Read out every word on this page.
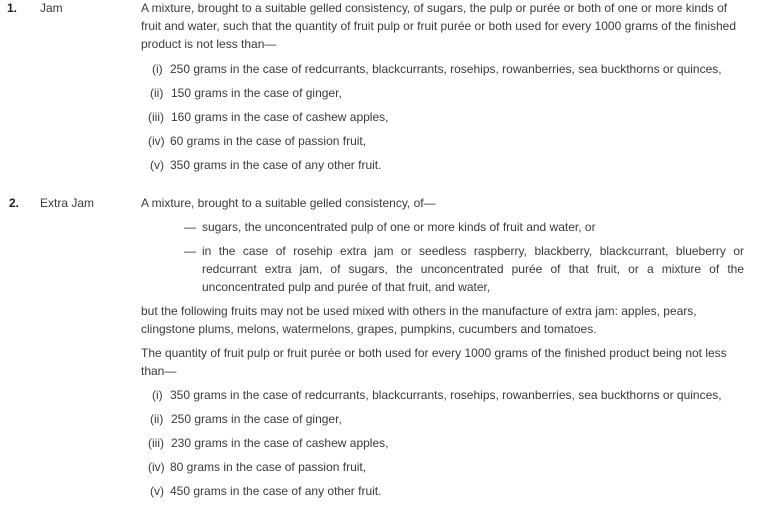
1. Jam	A mixture, brought to a suitable gelled consistency, of sugars, the pulp or purée or both of one or more kinds of
fruit and water, such that the quantity of fruit pulp or fruit purée or both used for every 1000 grams of the finished
product is not less than—
(i) 250 grams in the case of redcurrants, blackcurrants, rosehips, rowanberries, sea buckthorns or quinces,
(ii) 150 grams in the case of ginger,
(iii) 160 grams in the case of cashew apples,
(iv) 60 grams in the case of passion fruit,
(v) 350 grams in the case of any other fruit.
2. Extra Jam	A mixture, brought to a suitable gelled consistency, of—
— sugars, the unconcentrated pulp of one or more kinds of fruit and water, or
— in the case of rosehip extra jam or seedless raspberry, blackberry, blackcurrant, blueberry or redcurrant extra jam, of sugars, the unconcentrated purée of that fruit, or a mixture of the unconcentrated pulp and purée of that fruit, and water,
but the following fruits may not be used mixed with others in the manufacture of extra jam: apples, pears,
clingstone plums, melons, watermelons, grapes, pumpkins, cucumbers and tomatoes.
The quantity of fruit pulp or fruit purée or both used for every 1000 grams of the finished product being not less
than—
(i) 350 grams in the case of redcurrants, blackcurrants, rosehips, rowanberries, sea buckthorns or quinces,
(ii) 250 grams in the case of ginger,
(iii) 230 grams in the case of cashew apples,
(iv) 80 grams in the case of passion fruit,
(v) 450 grams in the case of any other fruit.
